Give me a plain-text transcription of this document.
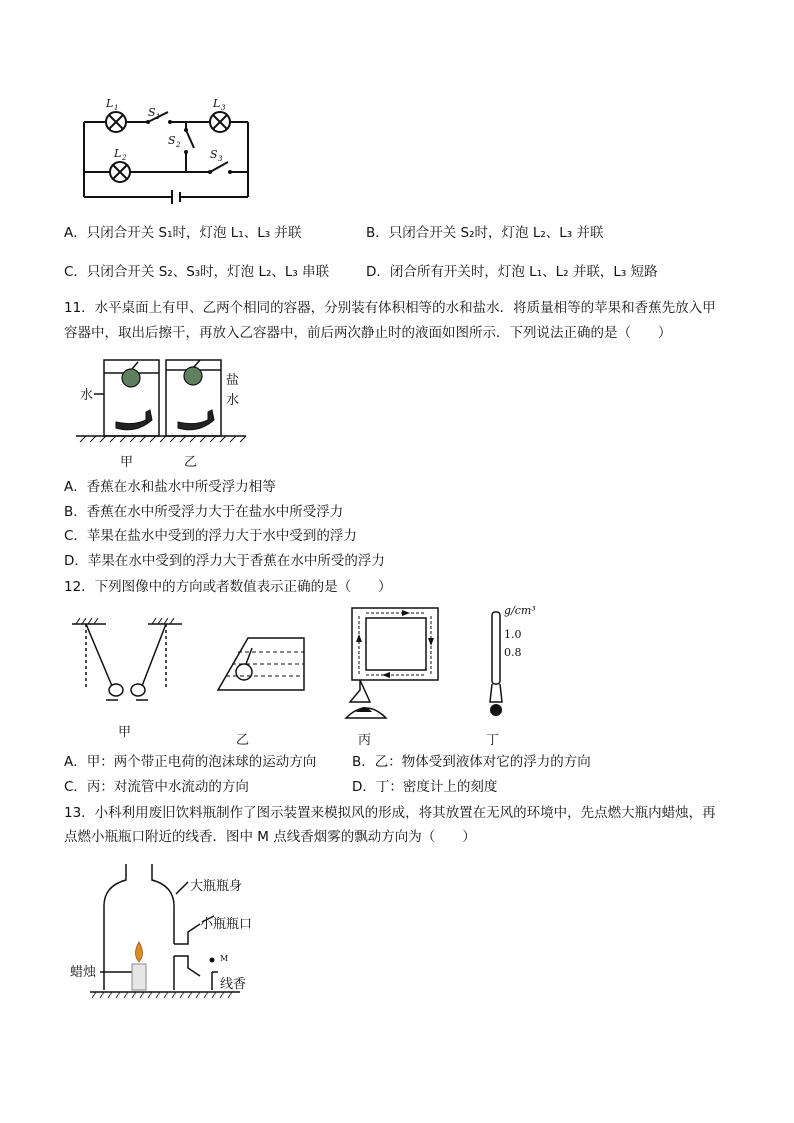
L 1	S 1
L 3
S 2
L 2	S 3
A．只闭合开关 S₁时，灯泡 L₁、L₃ 并联	B．只闭合开关 S₂时，灯泡 L₂、L₃ 并联
C．只闭合开关 S₂、S₃时，灯泡 L₂、L₃ 串联	D．闭合所有开关时，灯泡 L₁、L₂ 并联，L₃ 短路
11．水平桌面上有甲、乙两个相同的容器，分别装有体积相等的水和盐水．将质量相等的苹果和香蕉先放入甲
容器中，取出后擦干，再放入乙容器中，前后两次静止时的液面如图所示．下列说法正确的是（　　）
水
盐
水
甲	乙
A．香蕉在水和盐水中所受浮力相等
B．香蕉在水中所受浮力大于在盐水中所受浮力
C．苹果在盐水中受到的浮力大于水中受到的浮力
D．苹果在水中受到的浮力大于香蕉在水中所受的浮力
12．下列图像中的方向或者数值表示正确的是（　　）
g/cm³
1.0
0.8
甲
乙	丙	丁
A．甲：两个带正电荷的泡沫球的运动方向	B．乙：物体受到液体对它的浮力的方向
C．丙：对流管中水流动的方向	D．丁：密度计上的刻度
13．小科利用废旧饮料瓶制作了图示装置来模拟风的形成，将其放置在无风的环境中，先点燃大瓶内蜡烛，再
点燃小瓶瓶口附近的线香．图中 M 点线香烟雾的飘动方向为（　　）
大瓶瓶身
小瓶瓶口
蜡烛
M
线香
